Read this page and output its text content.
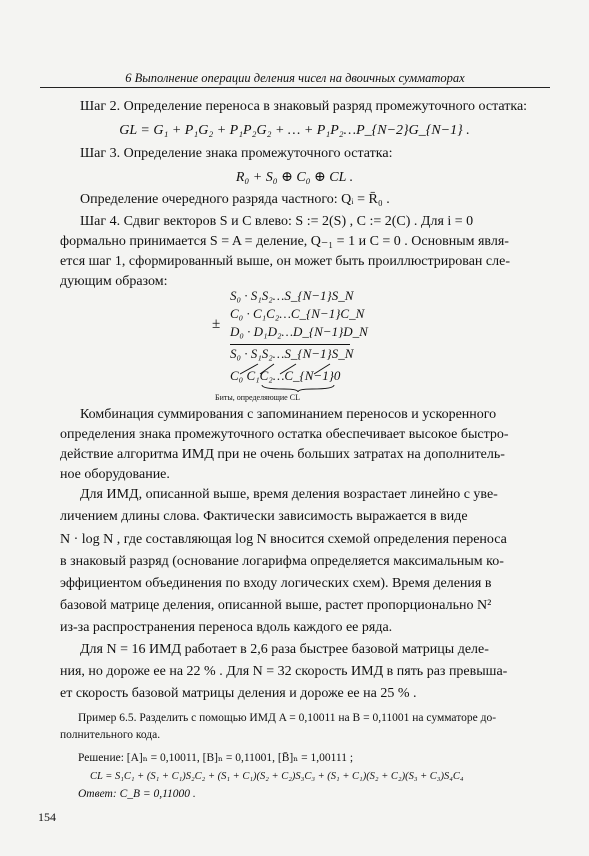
6 Выполнение операции деления чисел на двоичных сумматорах
Шаг 2. Определение переноса в знаковый разряд промежуточного остатка:
GL = G₁ + P₁G₂ + P₁P₂G₂ + … + P₁P₂…P_{N−2}G_{N−1} .
Шаг 3. Определение знака промежуточного остатка:
R₀ + S₀ ⊕ C₀ ⊕ CL .
Определение очередного разряда частного: Qᵢ = R̄₀ .
Шаг 4. Сдвиг векторов S и C влево: S := 2(S) , C := 2(C) . Для i = 0
формально принимается S = A = деление, Q₋₁ = 1 и C = 0 . Основным явля-
ется шаг 1, сформированный выше, он может быть проиллюстрирован сле-
дующим образом:
S₀ · S₁S₂…S_{N−1}S_N
C₀ · C₁C₂…C_{N−1}C_N
± D₀ · D₁D₂…D_{N−1}D_N
S₀ · S₁S₂…S_{N−1}S_N
C₀ C₁C₂…C_{N−1}0
Биты, определяющие CL
Комбинация суммирования с запоминанием переносов и ускоренного
определения знака промежуточного остатка обеспечивает высокое быстро-
действие алгоритма ИМД при не очень больших затратах на дополнитель-
ное оборудование.
Для ИМД, описанной выше, время деления возрастает линейно с уве-
личением длины слова. Фактически зависимость выражается в виде
N · log N , где составляющая log N вносится схемой определения переноса
в знаковый разряд (основание логарифма определяется максимальным ко-
эффициентом объединения по входу логических схем). Время деления в
базовой матрице деления, описанной выше, растет пропорционально N²
из-за распространения переноса вдоль каждого ее ряда.
Для N = 16 ИМД работает в 2,6 раза быстрее базовой матрицы деле-
ния, но дороже ее на 22 % . Для N = 32 скорость ИМД в пять раз превыша-
ет скорость базовой матрицы деления и дороже ее на 25 % .
Пример 6.5. Разделить с помощью ИМД A = 0,10011 на B = 0,11001 на сумматоре до-
полнительного кода.
Решение: [A]ₙ = 0,10011, [B]ₙ = 0,11001, [B̄]ₙ = 1,00111 ;
CL = S₁C₁ + (S₁ + C₁)S₂C₂ + (S₁ + C₁)(S₂ + C₂)S₃C₃ + (S₁ + C₁)(S₂ + C₂)(S₃ + C₃)S₄C₄
Ответ: C_B = 0,11000 .
154
